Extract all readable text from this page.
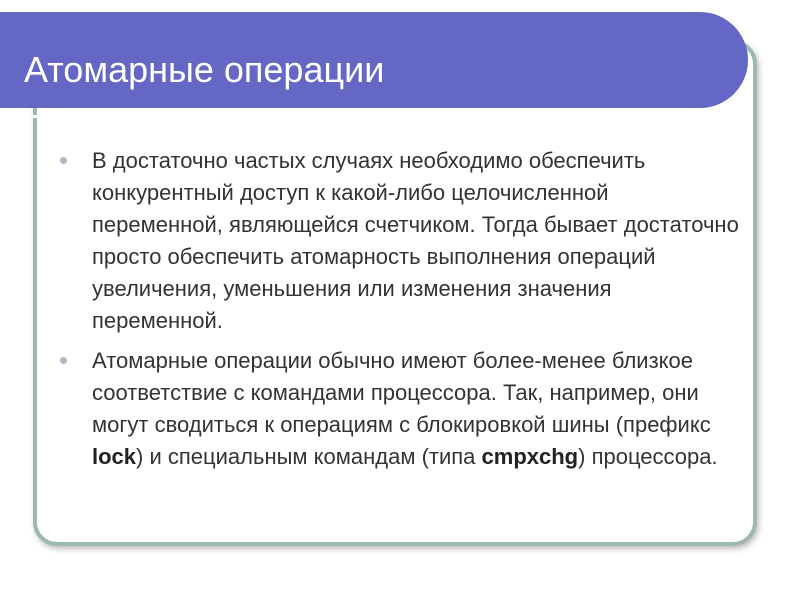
Атомарные операции
В достаточно частых случаях необходимо обеспечить конкурентный доступ к какой-либо целочисленной переменной, являющейся счетчиком. Тогда бывает достаточно просто обеспечить атомарность выполнения операций увеличения, уменьшения или изменения значения переменной.
Атомарные операции обычно имеют более-менее близкое соответствие с командами процессора. Так, например, они могут сводиться к операциям с блокировкой шины (префикс lock) и специальным командам (типа cmpxchg) процессора.
